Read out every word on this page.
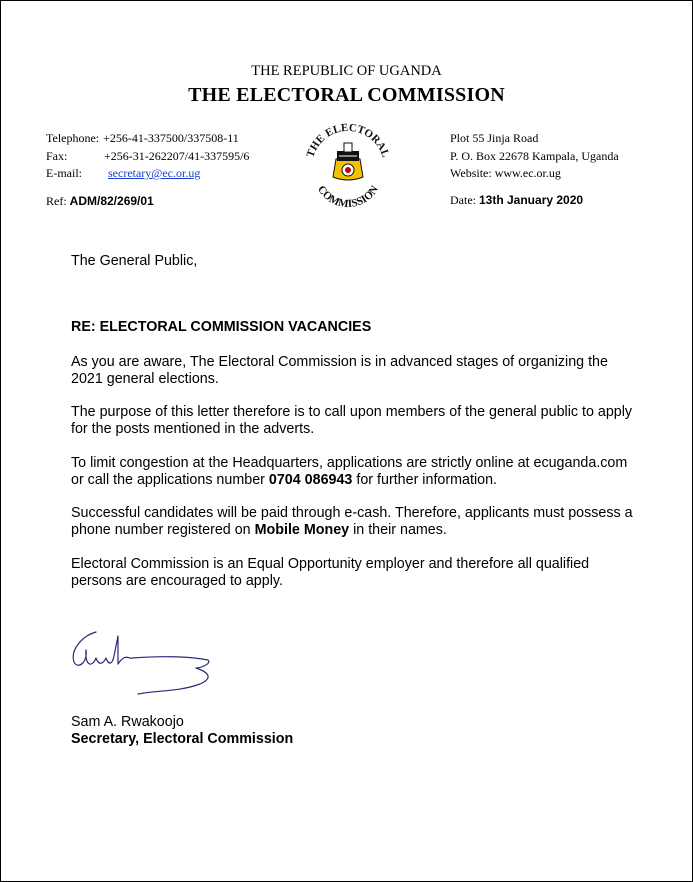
THE REPUBLIC OF UGANDA
THE ELECTORAL COMMISSION
Telephone: +256-41-337500/337508-11
Fax:	+256-31-262207/41-337595/6
E-mail: secretary@ec.or.ug
THE ELECTORAL
COMMISSION
Plot 55 Jinja Road
P. O. Box 22678 Kampala, Uganda
Website: www.ec.or.ug
Ref: ADM/82/269/01	Date: 13th January 2020
The General Public,
RE: ELECTORAL COMMISSION VACANCIES
As you are aware, The Electoral Commission is in advanced stages of organizing the 2021 general elections.
The purpose of this letter therefore is to call upon members of the general public to apply for the posts mentioned in the adverts.
To limit congestion at the Headquarters, applications are strictly online at ecuganda.com or call the applications number 0704 086943 for further information.
Successful candidates will be paid through e-cash. Therefore, applicants must possess a phone number registered on Mobile Money in their names.
Electoral Commission is an Equal Opportunity employer and therefore all qualified persons are encouraged to apply.
Sam A. Rwakoojo
Secretary, Electoral Commission
